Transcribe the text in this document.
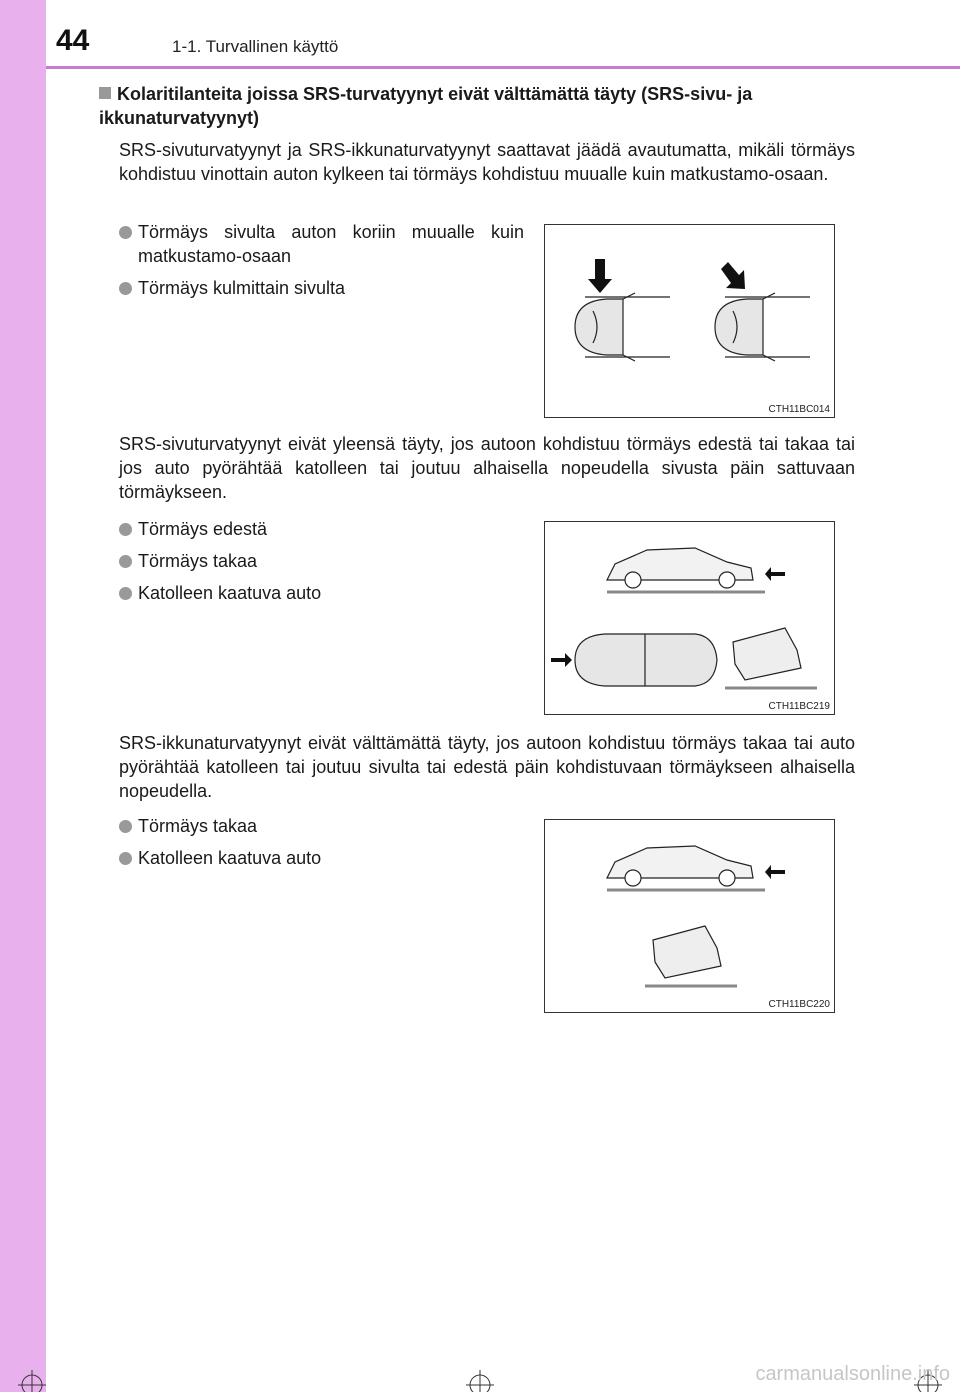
44	1-1. Turvallinen käyttö
Kolaritilanteita joissa SRS-turvatyynyt eivät välttämättä täyty (SRS-sivu- ja ikkunaturvatyynyt)
SRS-sivuturvatyynyt ja SRS-ikkunaturvatyynyt saattavat jäädä avautumatta, mikäli törmäys kohdistuu vinottain auton kylkeen tai törmäys kohdistuu muualle kuin matkustamo-osaan.
Törmäys sivulta auton koriin muualle kuin matkustamo-osaan
Törmäys kulmittain sivulta
CTH11BC014
SRS-sivuturvatyynyt eivät yleensä täyty, jos autoon kohdistuu törmäys edestä tai takaa tai jos auto pyörähtää katolleen tai joutuu alhaisella nopeudella sivusta päin sattuvaan törmäykseen.
Törmäys edestä
Törmäys takaa
Katolleen kaatuva auto
CTH11BC219
SRS-ikkunaturvatyynyt eivät välttämättä täyty, jos autoon kohdistuu törmäys takaa tai auto pyörähtää katolleen tai joutuu sivulta tai edestä päin kohdistuvaan törmäykseen alhaisella nopeudella.
Törmäys takaa
Katolleen kaatuva auto
CTH11BC220
carmanualsonline.info
